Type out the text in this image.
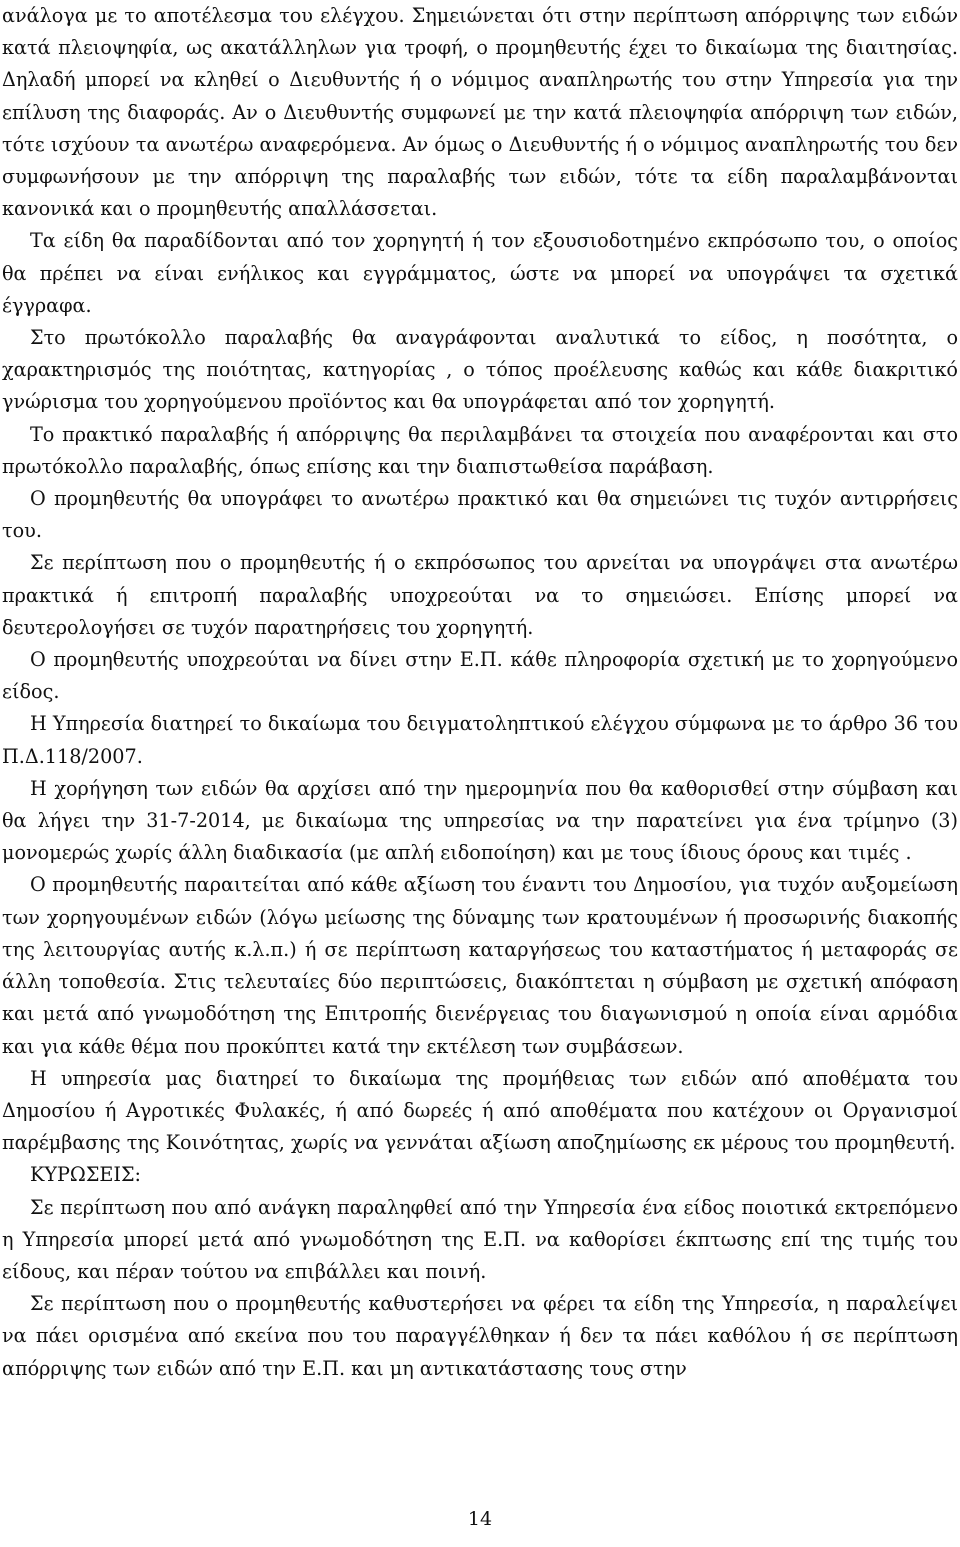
ανάλογα με το αποτέλεσμα του ελέγχου. Σημειώνεται ότι στην περίπτωση απόρριψης των ειδών κατά πλειοψηφία, ως ακατάλληλων για τροφή, ο προμηθευτής έχει το δικαίωμα της διαιτησίας. Δηλαδή μπορεί να κληθεί ο Διευθυντής ή ο νόμιμος αναπληρωτής του στην Υπηρεσία για την επίλυση της διαφοράς. Αν ο Διευθυντής συμφωνεί με την κατά πλειοψηφία απόρριψη των ειδών, τότε ισχύουν τα ανωτέρω αναφερόμενα. Αν όμως ο Διευθυντής ή ο νόμιμος αναπληρωτής του δεν συμφωνήσουν με την απόρριψη της παραλαβής των ειδών, τότε τα είδη παραλαμβάνονται κανονικά και ο προμηθευτής απαλλάσσεται.

Τα είδη θα παραδίδονται από τον χορηγητή ή τον εξουσιοδοτημένο εκπρόσωπο του, ο οποίος θα πρέπει να είναι ενήλικος και εγγράμματος, ώστε να μπορεί να υπογράψει τα σχετικά έγγραφα.

Στο πρωτόκολλο παραλαβής θα αναγράφονται αναλυτικά το είδος, η ποσότητα, ο χαρακτηρισμός της ποιότητας, κατηγορίας , ο τόπος προέλευσης καθώς και κάθε διακριτικό γνώρισμα του χορηγούμενου προϊόντος και θα υπογράφεται από τον χορηγητή.

Το πρακτικό παραλαβής ή απόρριψης θα περιλαμβάνει τα στοιχεία που αναφέρονται και στο πρωτόκολλο παραλαβής, όπως επίσης και την διαπιστωθείσα παράβαση.

Ο προμηθευτής θα υπογράφει το ανωτέρω πρακτικό και θα σημειώνει τις τυχόν αντιρρήσεις του.

Σε περίπτωση που ο προμηθευτής ή ο εκπρόσωπος του αρνείται να υπογράψει στα ανωτέρω πρακτικά ή επιτροπή παραλαβής υποχρεούται να το σημειώσει. Επίσης μπορεί να δευτερολογήσει σε τυχόν παρατηρήσεις του χορηγητή.

Ο προμηθευτής υποχρεούται να δίνει στην Ε.Π. κάθε πληροφορία σχετική με το χορηγούμενο είδος.

Η Υπηρεσία διατηρεί το δικαίωμα του δειγματοληπτικού ελέγχου σύμφωνα με το άρθρο 36 του Π.Δ.118/2007.

Η χορήγηση των ειδών θα αρχίσει από την ημερομηνία που θα καθορισθεί στην σύμβαση και θα λήγει την 31-7-2014, με δικαίωμα της υπηρεσίας να την παρατείνει για ένα τρίμηνο (3) μονομερώς χωρίς άλλη διαδικασία (με απλή ειδοποίηση) και με τους ίδιους όρους και τιμές .

Ο προμηθευτής παραιτείται από κάθε αξίωση του έναντι του Δημοσίου, για τυχόν αυξομείωση των χορηγουμένων ειδών (λόγω μείωσης της δύναμης των κρατουμένων ή προσωρινής διακοπής της λειτουργίας αυτής κ.λ.π.) ή σε περίπτωση καταργήσεως του καταστήματος ή μεταφοράς σε άλλη τοποθεσία. Στις τελευταίες δύο περιπτώσεις, διακόπτεται η σύμβαση με σχετική απόφαση και μετά από γνωμοδότηση της Επιτροπής διενέργειας του διαγωνισμού η οποία είναι αρμόδια και για κάθε θέμα που προκύπτει κατά την εκτέλεση των συμβάσεων.

Η υπηρεσία μας διατηρεί το δικαίωμα της προμήθειας των ειδών από αποθέματα του Δημοσίου ή Αγροτικές Φυλακές, ή από δωρεές ή από αποθέματα που κατέχουν οι Οργανισμοί παρέμβασης της Κοινότητας, χωρίς να γεννάται αξίωση αποζημίωσης εκ μέρους του προμηθευτή.

ΚΥΡΩΣΕΙΣ:

Σε περίπτωση που από ανάγκη παραληφθεί από την Υπηρεσία ένα είδος ποιοτικά εκτρεπόμενο η Υπηρεσία μπορεί μετά από γνωμοδότηση της Ε.Π. να καθορίσει έκπτωσης επί της τιμής του είδους, και πέραν τούτου να επιβάλλει και ποινή.

Σε περίπτωση που ο προμηθευτής καθυστερήσει να φέρει τα είδη της Υπηρεσία, η παραλείψει να πάει ορισμένα από εκείνα που του παραγγέλθηκαν ή δεν τα πάει καθόλου ή σε περίπτωση απόρριψης των ειδών από την Ε.Π. και μη αντικατάστασης τους στην

14
